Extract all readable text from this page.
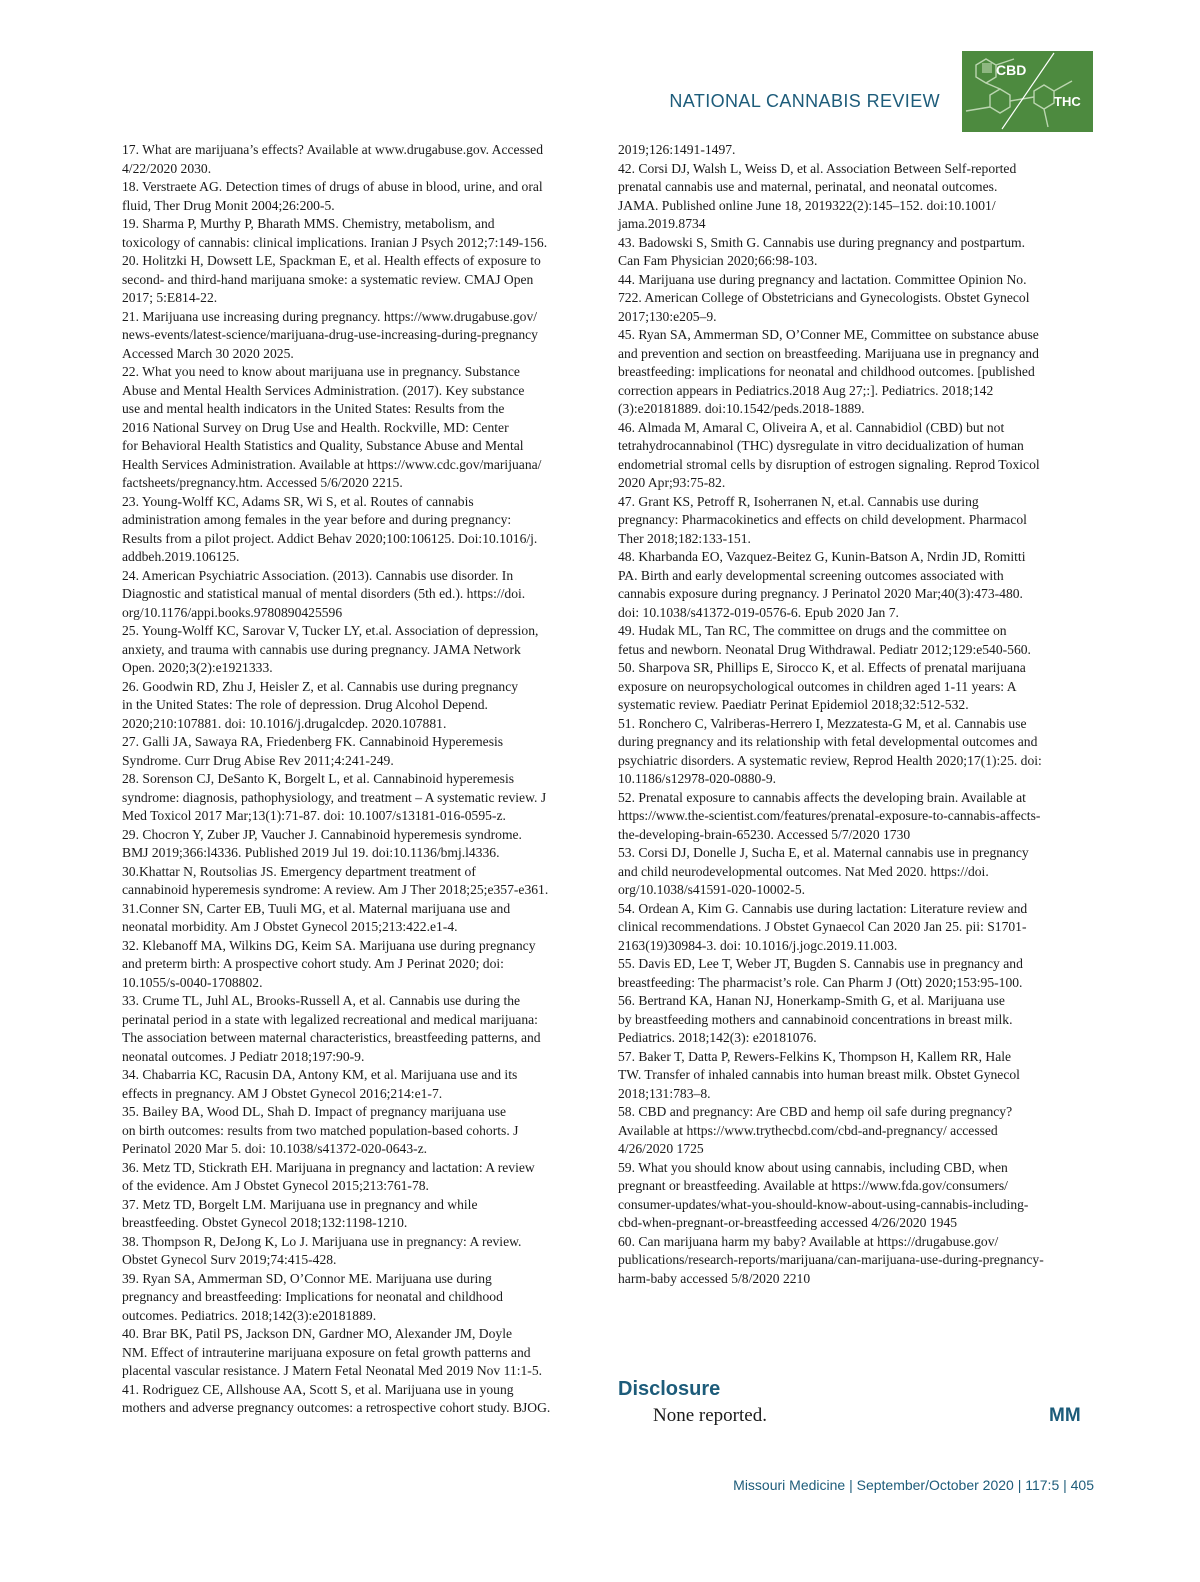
NATIONAL CANNABIS REVIEW
CBD
THC

17. What are marijuana’s effects? Available at www.drugabuse.gov. Accessed
4/22/2020 2030.

18. Verstraete AG. Detection times of drugs of abuse in blood, urine, and oral
fluid, Ther Drug Monit 2004;26:200-5.

19. Sharma P, Murthy P, Bharath MMS. Chemistry, metabolism, and
toxicology of cannabis: clinical implications. Iranian J Psych 2012;7:149-156.

20. Holitzki H, Dowsett LE, Spackman E, et al. Health effects of exposure to
second- and third-hand marijuana smoke: a systematic review. CMAJ Open
2017; 5:E814-22.

21. Marijuana use increasing during pregnancy. https://www.drugabuse.gov/
news-events/latest-science/marijuana-drug-use-increasing-during-pregnancy
Accessed March 30 2020 2025.

22. What you need to know about marijuana use in pregnancy. Substance
Abuse and Mental Health Services Administration. (2017). Key substance
use and mental health indicators in the United States: Results from the
2016 National Survey on Drug Use and Health. Rockville, MD: Center
for Behavioral Health Statistics and Quality, Substance Abuse and Mental
Health Services Administration. Available at https://www.cdc.gov/marijuana/
factsheets/pregnancy.htm. Accessed 5/6/2020 2215.

23. Young-Wolff KC, Adams SR, Wi S, et al. Routes of cannabis
administration among females in the year before and during pregnancy:
Results from a pilot project. Addict Behav 2020;100:106125. Doi:10.1016/j.
addbeh.2019.106125.

24. American Psychiatric Association. (2013). Cannabis use disorder. In
Diagnostic and statistical manual of mental disorders (5th ed.). https://doi.
org/10.1176/appi.books.9780890425596

25. Young-Wolff KC, Sarovar V, Tucker LY, et.al. Association of depression,
anxiety, and trauma with cannabis use during pregnancy. JAMA Network
Open. 2020;3(2):e1921333.

26. Goodwin RD, Zhu J, Heisler Z, et al. Cannabis use during pregnancy
in the United States: The role of depression. Drug Alcohol Depend.
2020;210:107881. doi: 10.1016/j.drugalcdep. 2020.107881.

27. Galli JA, Sawaya RA, Friedenberg FK. Cannabinoid Hyperemesis
Syndrome. Curr Drug Abise Rev 2011;4:241-249.

28. Sorenson CJ, DeSanto K, Borgelt L, et al. Cannabinoid hyperemesis
syndrome: diagnosis, pathophysiology, and treatment – A systematic review. J
Med Toxicol 2017 Mar;13(1):71-87. doi: 10.1007/s13181-016-0595-z.

29. Chocron Y, Zuber JP, Vaucher J. Cannabinoid hyperemesis syndrome.
BMJ 2019;366:l4336. Published 2019 Jul 19. doi:10.1136/bmj.l4336.

30.Khattar N, Routsolias JS. Emergency department treatment of
cannabinoid hyperemesis syndrome: A review. Am J Ther 2018;25;e357-e361.

31.Conner SN, Carter EB, Tuuli MG, et al. Maternal marijuana use and
neonatal morbidity. Am J Obstet Gynecol 2015;213:422.e1-4.

32. Klebanoff MA, Wilkins DG, Keim SA. Marijuana use during pregnancy
and preterm birth: A prospective cohort study. Am J Perinat 2020; doi:
10.1055/s-0040-1708802.

33. Crume TL, Juhl AL, Brooks-Russell A, et al. Cannabis use during the
perinatal period in a state with legalized recreational and medical marijuana:
The association between maternal characteristics, breastfeeding patterns, and
neonatal outcomes. J Pediatr 2018;197:90-9.

34. Chabarria KC, Racusin DA, Antony KM, et al. Marijuana use and its
effects in pregnancy. AM J Obstet Gynecol 2016;214:e1-7.

35. Bailey BA, Wood DL, Shah D. Impact of pregnancy marijuana use
on birth outcomes: results from two matched population-based cohorts. J
Perinatol 2020 Mar 5. doi: 10.1038/s41372-020-0643-z.

36. Metz TD, Stickrath EH. Marijuana in pregnancy and lactation: A review
of the evidence. Am J Obstet Gynecol 2015;213:761-78.

37. Metz TD, Borgelt LM. Marijuana use in pregnancy and while
breastfeeding. Obstet Gynecol 2018;132:1198-1210.

38. Thompson R, DeJong K, Lo J. Marijuana use in pregnancy: A review.
Obstet Gynecol Surv 2019;74:415-428.

39. Ryan SA, Ammerman SD, O’Connor ME. Marijuana use during
pregnancy and breastfeeding: Implications for neonatal and childhood
outcomes. Pediatrics. 2018;142(3):e20181889.

40. Brar BK, Patil PS, Jackson DN, Gardner MO, Alexander JM, Doyle
NM. Effect of intrauterine marijuana exposure on fetal growth patterns and
placental vascular resistance. J Matern Fetal Neonatal Med 2019 Nov 11:1-5.

41. Rodriguez CE, Allshouse AA, Scott S, et al. Marijuana use in young
mothers and adverse pregnancy outcomes: a retrospective cohort study. BJOG.

2019;126:1491-1497.

42. Corsi DJ, Walsh L, Weiss D, et al. Association Between Self-reported
prenatal cannabis use and maternal, perinatal, and neonatal outcomes.
JAMA. Published online June 18, 2019322(2):145–152. doi:10.1001/
jama.2019.8734

43. Badowski S, Smith G. Cannabis use during pregnancy and postpartum.
Can Fam Physician 2020;66:98-103.

44. Marijuana use during pregnancy and lactation. Committee Opinion No.
722. American College of Obstetricians and Gynecologists. Obstet Gynecol
2017;130:e205–9.

45. Ryan SA, Ammerman SD, O’Conner ME, Committee on substance abuse
and prevention and section on breastfeeding. Marijuana use in pregnancy and
breastfeeding: implications for neonatal and childhood outcomes. [published
correction appears in Pediatrics.2018 Aug 27;:]. Pediatrics. 2018;142
(3):e20181889. doi:10.1542/peds.2018-1889.

46. Almada M, Amaral C, Oliveira A, et al. Cannabidiol (CBD) but not
tetrahydrocannabinol (THC) dysregulate in vitro decidualization of human
endometrial stromal cells by disruption of estrogen signaling. Reprod Toxicol
2020 Apr;93:75-82.

47. Grant KS, Petroff R, Isoherranen N, et.al. Cannabis use during
pregnancy: Pharmacokinetics and effects on child development. Pharmacol
Ther 2018;182:133-151.

48. Kharbanda EO, Vazquez-Beitez G, Kunin-Batson A, Nrdin JD, Romitti
PA. Birth and early developmental screening outcomes associated with
cannabis exposure during pregnancy. J Perinatol 2020 Mar;40(3):473-480.
doi: 10.1038/s41372-019-0576-6. Epub 2020 Jan 7.

49. Hudak ML, Tan RC, The committee on drugs and the committee on
fetus and newborn. Neonatal Drug Withdrawal. Pediatr 2012;129:e540-560.

50. Sharpova SR, Phillips E, Sirocco K, et al. Effects of prenatal marijuana
exposure on neuropsychological outcomes in children aged 1-11 years: A
systematic review. Paediatr Perinat Epidemiol 2018;32:512-532.

51. Ronchero C, Valriberas-Herrero I, Mezzatesta-G M, et al. Cannabis use
during pregnancy and its relationship with fetal developmental outcomes and
psychiatric disorders. A systematic review, Reprod Health 2020;17(1):25. doi:
10.1186/s12978-020-0880-9.

52. Prenatal exposure to cannabis affects the developing brain. Available at
https://www.the-scientist.com/features/prenatal-exposure-to-cannabis-affects-
the-developing-brain-65230. Accessed 5/7/2020 1730

53. Corsi DJ, Donelle J, Sucha E, et al. Maternal cannabis use in pregnancy
and child neurodevelopmental outcomes. Nat Med 2020. https://doi.
org/10.1038/s41591-020-10002-5.

54. Ordean A, Kim G. Cannabis use during lactation: Literature review and
clinical recommendations. J Obstet Gynaecol Can 2020 Jan 25. pii: S1701-
2163(19)30984-3. doi: 10.1016/j.jogc.2019.11.003.

55. Davis ED, Lee T, Weber JT, Bugden S. Cannabis use in pregnancy and
breastfeeding: The pharmacist’s role. Can Pharm J (Ott) 2020;153:95-100.

56. Bertrand KA, Hanan NJ, Honerkamp-Smith G, et al. Marijuana use
by breastfeeding mothers and cannabinoid concentrations in breast milk.
Pediatrics. 2018;142(3): e20181076.

57. Baker T, Datta P, Rewers-Felkins K, Thompson H, Kallem RR, Hale
TW. Transfer of inhaled cannabis into human breast milk. Obstet Gynecol
2018;131:783–8.

58. CBD and pregnancy: Are CBD and hemp oil safe during pregnancy?
Available at https://www.trythecbd.com/cbd-and-pregnancy/ accessed
4/26/2020 1725

59. What you should know about using cannabis, including CBD, when
pregnant or breastfeeding. Available at https://www.fda.gov/consumers/
consumer-updates/what-you-should-know-about-using-cannabis-including-
cbd-when-pregnant-or-breastfeeding accessed 4/26/2020 1945

60. Can marijuana harm my baby? Available at https://drugabuse.gov/
publications/research-reports/marijuana/can-marijuana-use-during-pregnancy-
harm-baby accessed 5/8/2020 2210

Disclosure
None reported.	MM
Missouri Medicine | September/October 2020 | 117:5 | 405
